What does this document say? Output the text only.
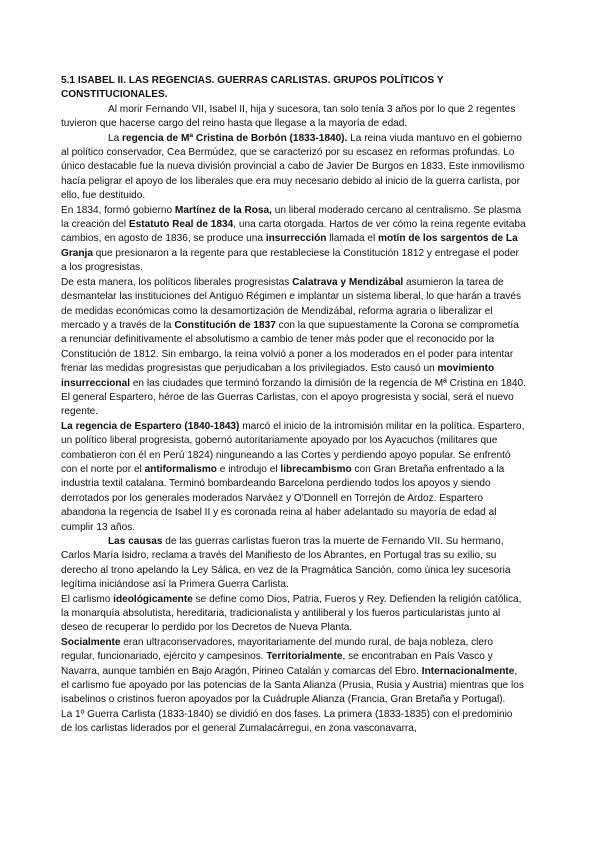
5.1 ISABEL II. LAS REGENCIAS. GUERRAS CARLISTAS. GRUPOS POLÍTICOS Y CONSTITUCIONALES.

Al morir Fernando VII, Isabel II, hija y sucesora, tan solo tenía 3 años por lo que 2 regentes tuvieron que hacerse cargo del reino hasta que llegase a la mayoría de edad.

La regencia de Mª Cristina de Borbón (1833-1840). La reina viuda mantuvo en el gobierno al político conservador, Cea Bermúdez, que se caracterizó por su escasez en reformas profundas. Lo único destacable fue la nueva división provincial a cabo de Javier De Burgos en 1833. Este inmovilismo hacía peligrar el apoyo de los liberales que era muy necesario debido al inicio de la guerra carlista, por ello, fue destituido.

En 1834, formó gobierno Martínez de la Rosa, un liberal moderado cercano al centralismo. Se plasma la creación del Estatuto Real de 1834, una carta otorgada. Hartos de ver cómo la reina regente evitaba cambios, en agosto de 1836, se produce una insurrección llamada el motín de los sargentos de La Granja que presionaron a la regente para que restableciese la Constitución 1812 y entregase el poder a los progresistas.

De esta manera, los políticos liberales progresistas Calatrava y Mendizábal asumieron la tarea de desmantelar las instituciones del Antiguo Régimen e implantar un sistema liberal, lo que harán a través de medidas económicas como la desamortización de Mendizábal, reforma agraria o liberalizar el mercado y a través de la Constitución de 1837 con la que supuestamente la Corona se comprometía a renunciar definitivamente el absolutismo a cambio de tener más poder que el reconocido por la Constitución de 1812. Sin embargo, la reina volvió a poner a los moderados en el poder para intentar frenar las medidas progresistas que perjudicaban a los privilegiados. Esto causó un movimiento insurreccional en las ciudades que terminó forzando la dimisión de la regencia de Mª Cristina en 1840. El general Espartero, héroe de las Guerras Carlistas, con el apoyo progresista y social, será el nuevo regente.

La regencia de Espartero (1840-1843) marcó el inicio de la intromisión militar en la política. Espartero, un político liberal progresista, gobernó autoritariamente apoyado por los Ayacuchos (militares que combatieron con él en Perú 1824) ninguneando a las Cortes y perdiendo apoyo popular. Se enfrentó con el norte por el antiformalismo e introdujo el librecambismo con Gran Bretaña enfrentado a la industria textil catalana. Terminó bombardeando Barcelona perdiendo todos los apoyos y siendo derrotados por los generales moderados Narváez y O'Donnell en Torrejón de Ardoz. Espartero abandona la regencia de Isabel II y es coronada reina al haber adelantado su mayoría de edad al cumplir 13 años.

Las causas de las guerras carlistas fueron tras la muerte de Fernando VII. Su hermano, Carlos María Isidro, reclama a través del Manifiesto de los Abrantes, en Portugal tras su exilio, su derecho al trono apelando la Ley Sálica, en vez de la Pragmática Sanción, como única ley sucesoria legítima iniciándose así la Primera Guerra Carlista.

El carlismo ideológicamente se define como Dios, Patria, Fueros y Rey. Defienden la religión católica, la monarquía absolutista, hereditaria, tradicionalista y antiliberal y los fueros particularistas junto al deseo de recuperar lo perdido por los Decretos de Nueva Planta.

Socialmente eran ultraconservadores, mayoritariamente del mundo rural, de baja nobleza, clero regular, funcionariado, ejército y campesinos. Territorialmente, se encontraban en País Vasco y Navarra, aunque también en Bajo Aragón, Pirineo Catalán y comarcas del Ebro. Internacionalmente, el carlismo fue apoyado por las potencias de la Santa Alianza (Prusia, Rusia y Austria) mientras que los isabelinos o cristinos fueron apoyados por la Cuádruple Alianza (Francia, Gran Bretaña y Portugal).

La 1º Guerra Carlista (1833-1840) se dividió en dos fases. La primera (1833-1835) con el predominio de los carlistas liderados por el general Zumalacárregui, en zona vasconavarra,
